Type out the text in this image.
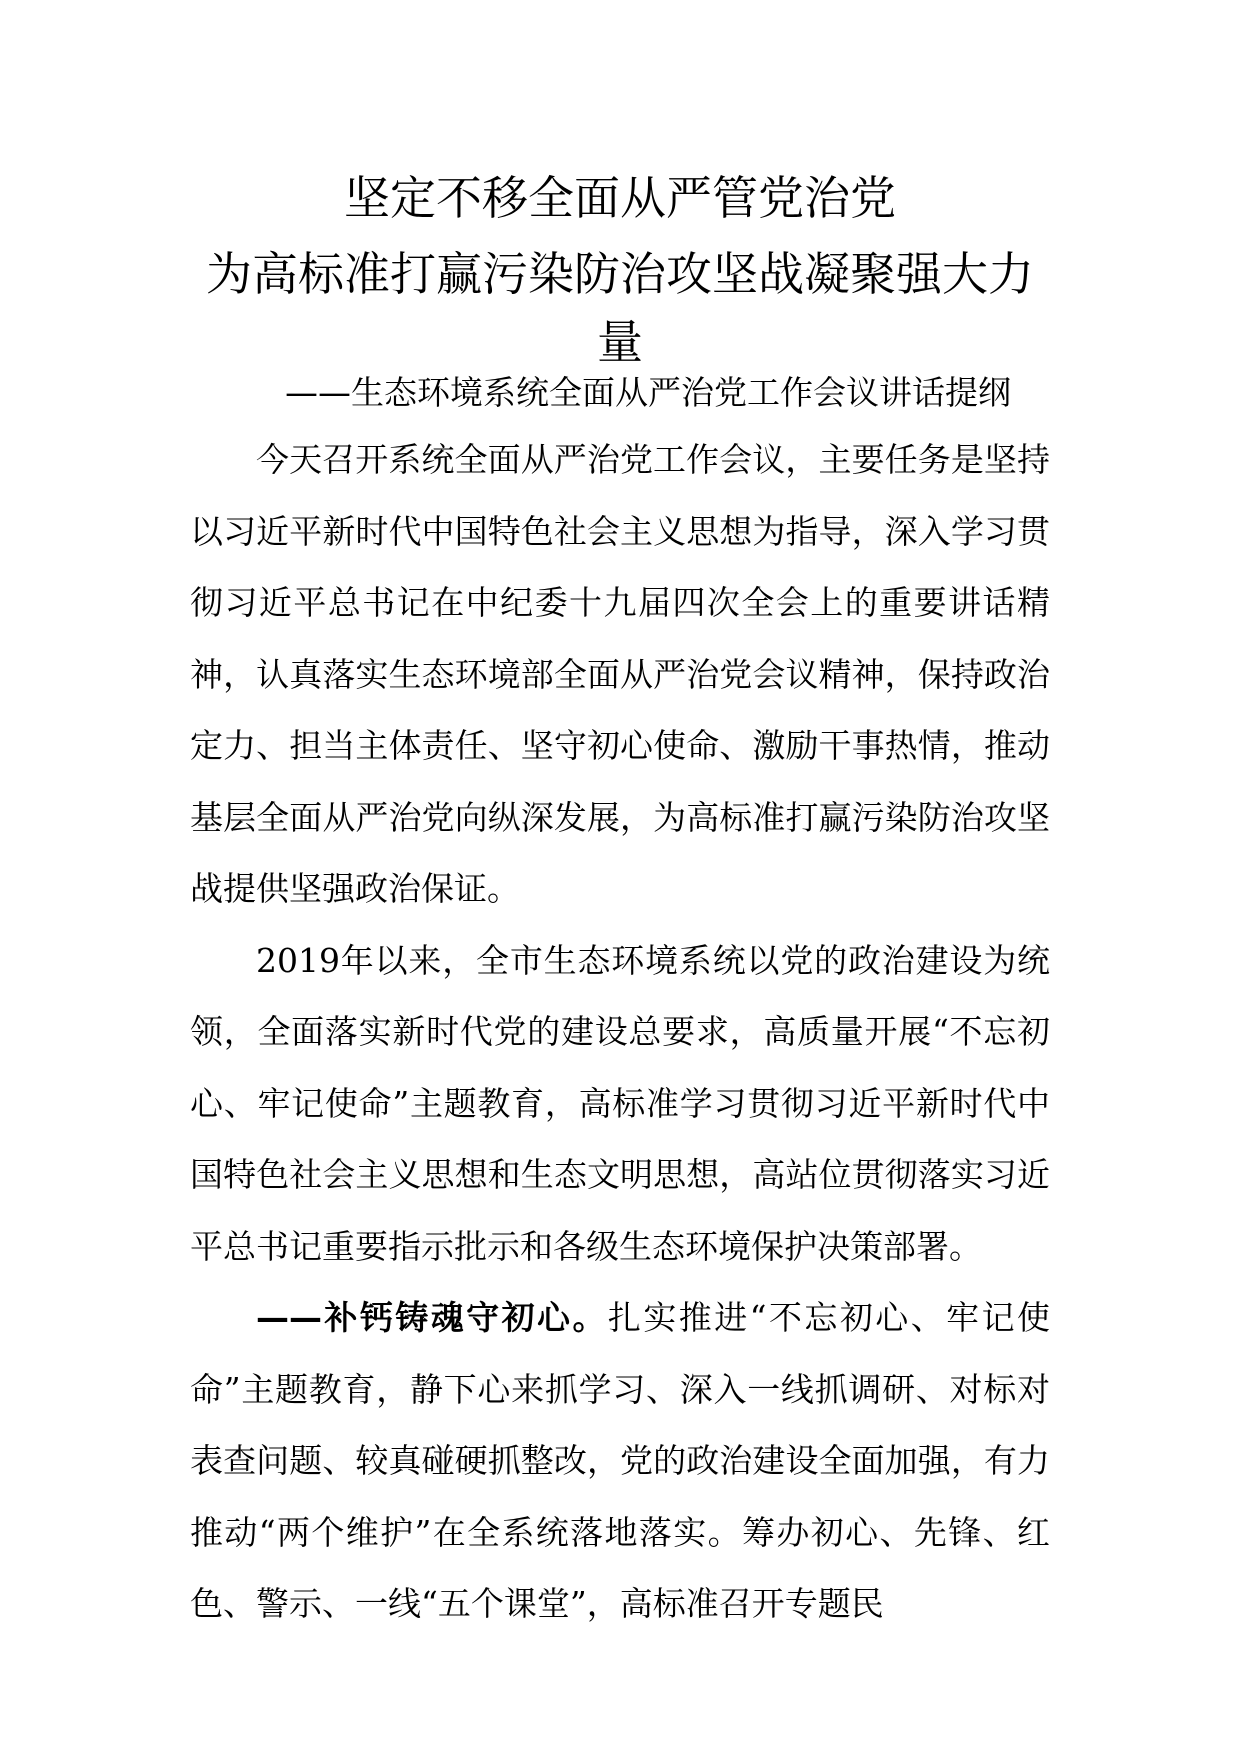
坚定不移全面从严管党治党
为高标准打赢污染防治攻坚战凝聚强大力量
——生态环境系统全面从严治党工作会议讲话提纲

今天召开系统全面从严治党工作会议，主要任务是坚持以习近平新时代中国特色社会主义思想为指导，深入学习贯彻习近平总书记在中纪委十九届四次全会上的重要讲话精神，认真落实生态环境部全面从严治党会议精神，保持政治定力、担当主体责任、坚守初心使命、激励干事热情，推动基层全面从严治党向纵深发展，为高标准打赢污染防治攻坚战提供坚强政治保证。

2019年以来，全市生态环境系统以党的政治建设为统领，全面落实新时代党的建设总要求，高质量开展“不忘初心、牢记使命”主题教育，高标准学习贯彻习近平新时代中国特色社会主义思想和生态文明思想，高站位贯彻落实习近平总书记重要指示批示和各级生态环境保护决策部署。

——补钙铸魂守初心。扎实推进“不忘初心、牢记使命”主题教育，静下心来抓学习、深入一线抓调研、对标对表查问题、较真碰硬抓整改，党的政治建设全面加强，有力推动“两个维护”在全系统落地落实。筹办初心、先锋、红色、警示、一线“五个课堂”，高标准召开专题民
